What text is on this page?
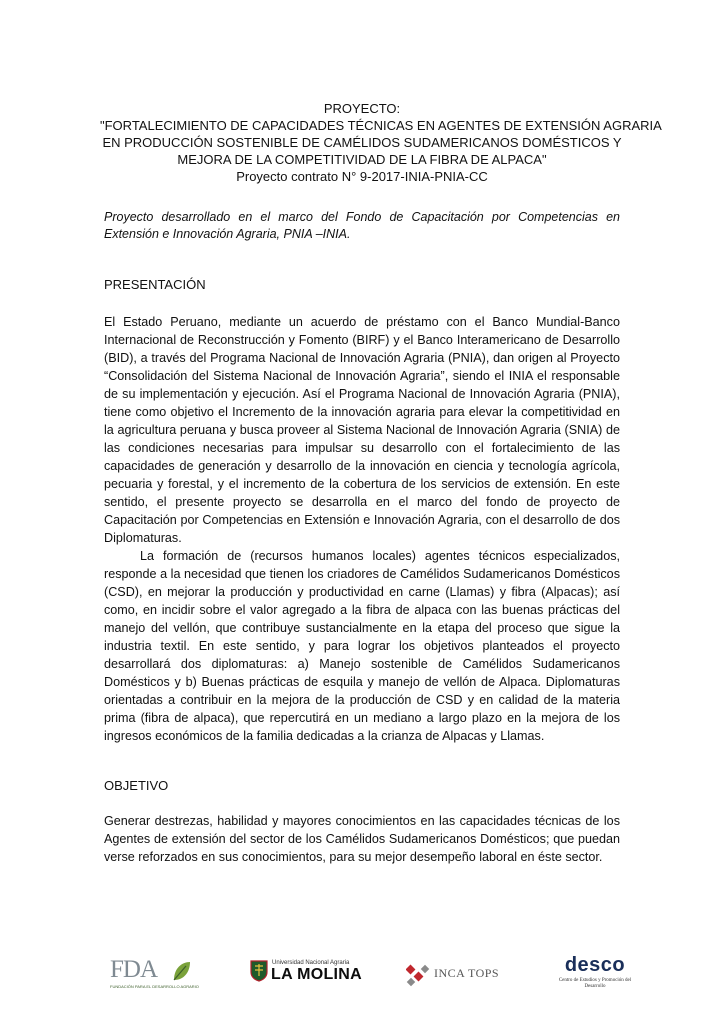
PROYECTO:
"FORTALECIMIENTO DE CAPACIDADES TÉCNICAS EN AGENTES DE EXTENSIÓN AGRARIA
EN PRODUCCIÓN SOSTENIBLE DE CAMÉLIDOS SUDAMERICANOS DOMÉSTICOS Y
MEJORA DE LA COMPETITIVIDAD DE LA FIBRA DE ALPACA"
Proyecto contrato N° 9-2017-INIA-PNIA-CC
Proyecto desarrollado en el marco del Fondo de Capacitación por Competencias en Extensión e Innovación Agraria, PNIA –INIA.
PRESENTACIÓN

El Estado Peruano, mediante un acuerdo de préstamo con el Banco Mundial-Banco Internacional de Reconstrucción y Fomento (BIRF) y el Banco Interamericano de Desarrollo (BID), a través del Programa Nacional de Innovación Agraria (PNIA), dan origen al Proyecto “Consolidación del Sistema Nacional de Innovación Agraria”, siendo el INIA el responsable de su implementación y ejecución. Así el Programa Nacional de Innovación Agraria (PNIA), tiene como objetivo el Incremento de la innovación agraria para elevar la competitividad en la agricultura peruana y busca proveer al Sistema Nacional de Innovación Agraria (SNIA) de las condiciones necesarias para impulsar su desarrollo con el fortalecimiento de las capacidades de generación y desarrollo de la innovación en ciencia y tecnología agrícola, pecuaria y forestal, y el incremento de la cobertura de los servicios de extensión. En este sentido, el presente proyecto se desarrolla en el marco del fondo de proyecto de Capacitación por Competencias en Extensión e Innovación Agraria, con el desarrollo de dos Diplomaturas.

La formación de (recursos humanos locales) agentes técnicos especializados, responde a la necesidad que tienen los criadores de Camélidos Sudamericanos Domésticos (CSD), en mejorar la producción y productividad en carne (Llamas) y fibra (Alpacas); así como, en incidir sobre el valor agregado a la fibra de alpaca con las buenas prácticas del manejo del vellón, que contribuye sustancialmente en la etapa del proceso que sigue la industria textil. En este sentido, y para lograr los objetivos planteados el proyecto desarrollará dos diplomaturas: a) Manejo sostenible de Camélidos Sudamericanos Domésticos y b) Buenas prácticas de esquila y manejo de vellón de Alpaca. Diplomaturas orientadas a contribuir en la mejora de la producción de CSD y en calidad de la materia prima (fibra de alpaca), que repercutirá en un mediano a largo plazo en la mejora de los ingresos económicos de la familia dedicadas a la crianza de Alpacas y Llamas.

OBJETIVO

Generar destrezas, habilidad y mayores conocimientos en las capacidades técnicas de los Agentes de extensión del sector de los Camélidos Sudamericanos Domésticos; que puedan verse reforzados en sus conocimientos, para su mejor desempeño laboral en éste sector.

FDA
FUNDACIÓN PARA EL DESARROLLO AGRARIO
Universidad Nacional Agraria
LA MOLINA	INCA TOPS	desco
Centro de Estudios y Promoción del Desarrollo
